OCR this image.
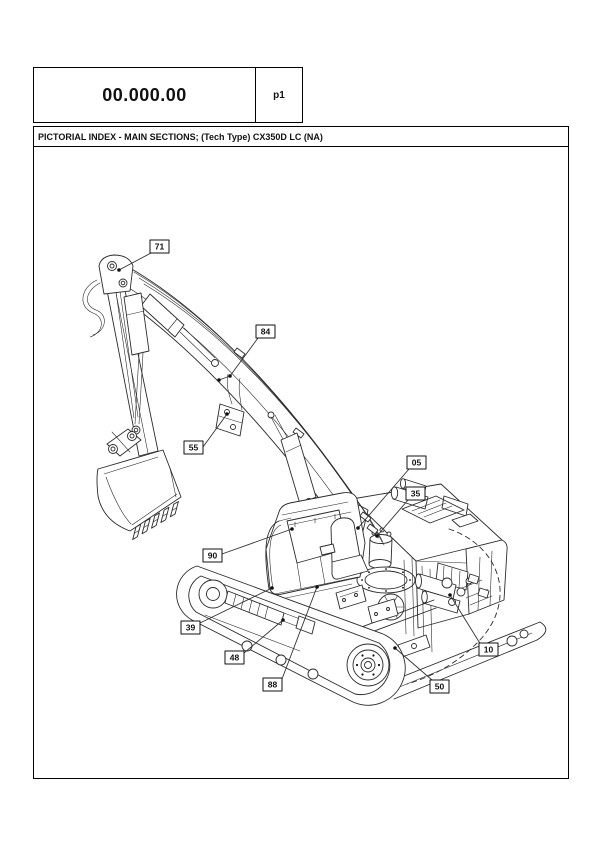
00.000.00	p1
PICTORIAL INDEX - MAIN SECTIONS; (Tech Type) CX350D LC (NA)
71
84
55
05
35
90
39
48
88	50
10
